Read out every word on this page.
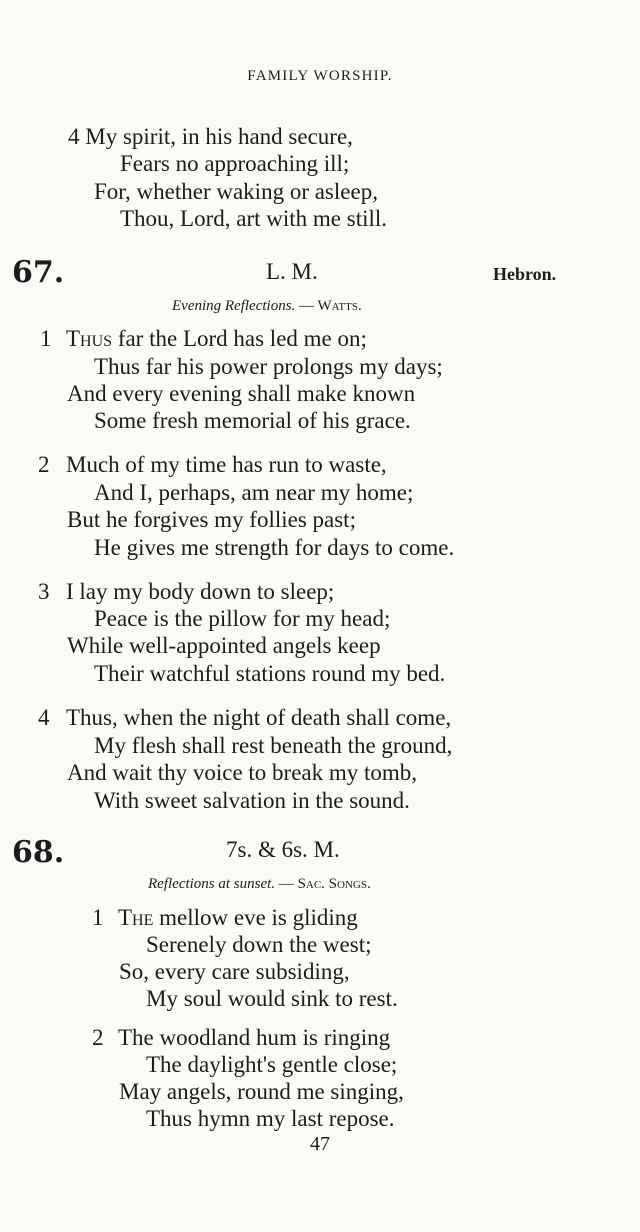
FAMILY WORSHIP.
4 My spirit, in his hand secure,
Fears no approaching ill;
For, whether waking or asleep,
Thou, Lord, art with me still.
67.	L. M.	Hebron.
Evening Reflections. — Watts.
1 Thus far the Lord has led me on;
Thus far his power prolongs my days;
And every evening shall make known
Some fresh memorial of his grace.
2 Much of my time has run to waste,
And I, perhaps, am near my home;
But he forgives my follies past;
He gives me strength for days to come.
3 I lay my body down to sleep;
Peace is the pillow for my head;
While well-appointed angels keep
Their watchful stations round my bed.
4 Thus, when the night of death shall come,
My flesh shall rest beneath the ground,
And wait thy voice to break my tomb,
With sweet salvation in the sound.
68.	7s. & 6s. M.
Reflections at sunset. — Sac. Songs.
1 The mellow eve is gliding
Serenely down the west;
So, every care subsiding,
My soul would sink to rest.
2 The woodland hum is ringing
The daylight's gentle close;
May angels, round me singing,
Thus hymn my last repose.
47
